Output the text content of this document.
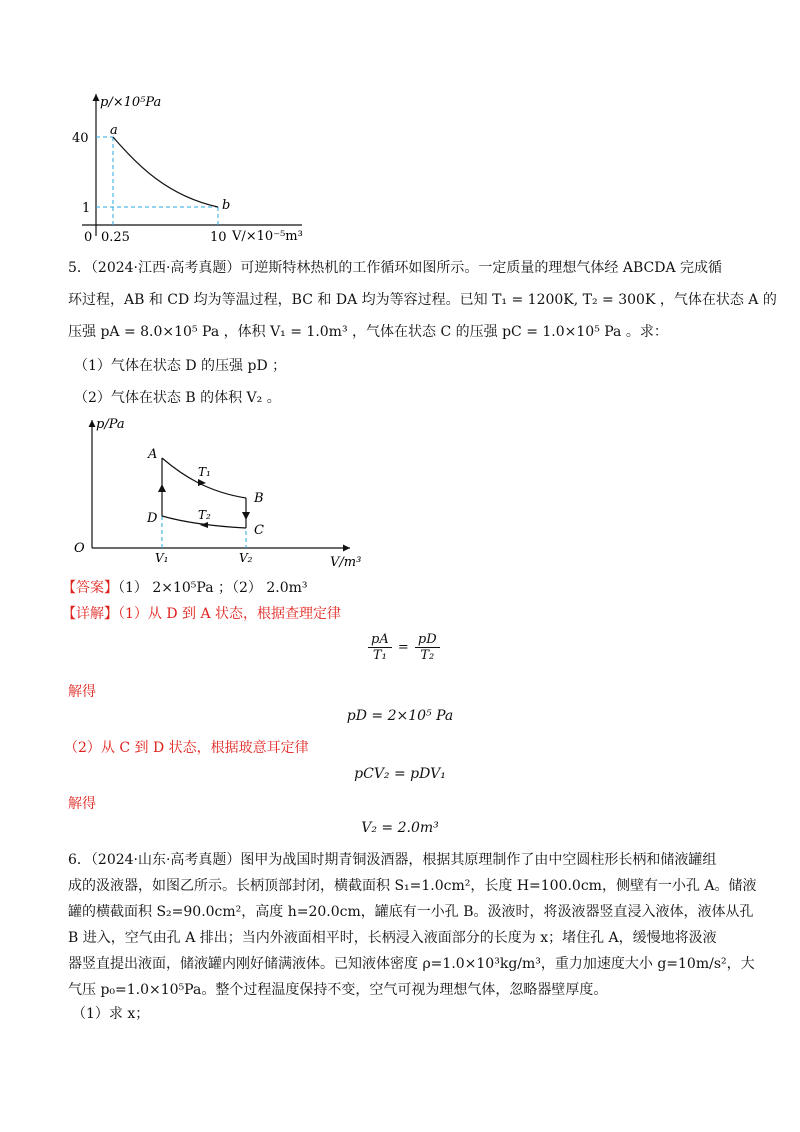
p/×10⁵Pa
V/×10⁻⁵m³
0
40
1
0.25	10
a
b
5．（2024·江西·高考真题）可逆斯特林热机的工作循环如图所示。一定质量的理想气体经 ABCDA 完成循
环过程，AB 和 CD 均为等温过程，BC 和 DA 均为等容过程。已知 T₁ = 1200K, T₂ = 300K ，气体在状态 A 的
压强 pA = 8.0×10⁵ Pa ，体积 V₁ = 1.0m³ ，气体在状态 C 的压强 pC = 1.0×10⁵ Pa 。求：
（1）气体在状态 D 的压强 pD ；
（2）气体在状态 B 的体积 V₂ 。
p/Pa
V/m³
O
A
B
C
D
T₁
T₂
V₁	V₂
【答案】（1） 2×10⁵Pa ；（2） 2.0m³
【详解】（1）从 D 到 A 状态，根据查理定律
$\frac{pA}{\text{T₁}} = \frac{pD}{\text{T₂}}$
解得
pD = 2×10⁵ Pa
（2）从 C 到 D 状态，根据玻意耳定律
pCV₂ = pDV₁
解得
V₂ = 2.0m³
6．（2024·山东·高考真题）图甲为战国时期青铜汲酒器，根据其原理制作了由中空圆柱形长柄和储液罐组
成的汲液器，如图乙所示。长柄顶部封闭，横截面积 S₁=1.0cm²，长度 H=100.0cm，侧壁有一小孔 A。储液
罐的横截面积 S₂=90.0cm²，高度 h=20.0cm，罐底有一小孔 B。汲液时，将汲液器竖直浸入液体，液体从孔
B 进入，空气由孔 A 排出；当内外液面相平时，长柄浸入液面部分的长度为 x；堵住孔 A，缓慢地将汲液
器竖直提出液面，储液罐内刚好储满液体。已知液体密度 ρ=1.0×10³kg/m³，重力加速度大小 g=10m/s²，大
气压 p₀=1.0×10⁵Pa。整个过程温度保持不变，空气可视为理想气体，忽略器壁厚度。
（1）求 x；
